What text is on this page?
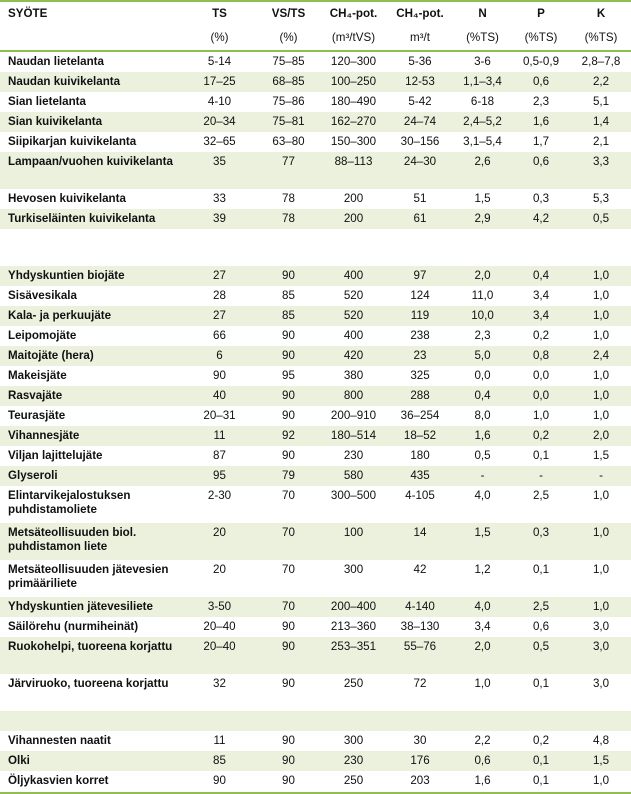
SYÖTE	TS	VS/TS	CH₄-pot.	CH₄-pot.	N	P	K
	(%)	(%)	(m³/tVS)	m³/t	(%TS)	(%TS)	(%TS)
Naudan lietelanta	5-14	75–85	120–300	5-36	3-6	0,5-0,9	2,8–7,8
Naudan kuivikelanta	17–25	68–85	100–250	12-53	1,1–3,4	0,6	2,2
Sian lietelanta	4-10	75–86	180–490	5-42	6-18	2,3	5,1
Sian kuivikelanta	20–34	75–81	162–270	24–74	2,4–5,2	1,6	1,4
Siipikarjan kuivikelanta	32–65	63–80	150–300	30–156	3,1–5,4	1,7	2,1
Lampaan/vuohen kuivikelanta	35	77	88–113	24–30	2,6	0,6	3,3
Hevosen kuivikelanta	33	78	200	51	1,5	0,3	5,3
Turkiseläinten kuivikelanta	39	78	200	61	2,9	4,2	0,5

Yhdyskuntien biojäte	27	90	400	97	2,0	0,4	1,0
Sisävesikala	28	85	520	124	11,0	3,4	1,0
Kala- ja perkuujäte	27	85	520	119	10,0	3,4	1,0
Leipomojäte	66	90	400	238	2,3	0,2	1,0
Maitojäte (hera)	6	90	420	23	5,0	0,8	2,4
Makeisjäte	90	95	380	325	0,0	0,0	1,0
Rasvajäte	40	90	800	288	0,4	0,0	1,0
Teurasjäte	20–31	90	200–910	36–254	8,0	1,0	1,0
Vihannesjäte	11	92	180–514	18–52	1,6	0,2	2,0
Viljan lajittelujäte	87	90	230	180	0,5	0,1	1,5
Glyseroli	95	79	580	435	-	-	-
Elintarvikejalostuksen puhdistamoliete	2-30	70	300–500	4-105	4,0	2,5	1,0
Metsäteollisuuden biol. puhdistamon liete	20	70	100	14	1,5	0,3	1,0
Metsäteollisuuden jätevesien primääriliete	20	70	300	42	1,2	0,1	1,0
Yhdyskuntien jätevesiliete	3-50	70	200–400	4-140	4,0	2,5	1,0
Säilörehu (nurmiheinät)	20–40	90	213–360	38–130	3,4	0,6	3,0
Ruokohelpi, tuoreena korjattu	20–40	90	253–351	55–76	2,0	0,5	3,0
Järviruoko, tuoreena korjattu	32	90	250	72	1,0	0,1	3,0

Vihannesten naatit	11	90	300	30	2,2	0,2	4,8
Olki	85	90	230	176	0,6	0,1	1,5
Öljykasvien korret	90	90	250	203	1,6	0,1	1,0
